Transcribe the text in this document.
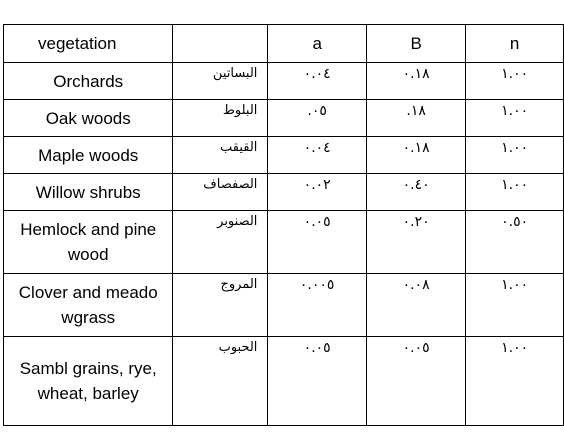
vegetation		a	B	n
Orchards	البساتين	٠.٠٤	٠.١٨	١.٠٠
Oak woods	البلوط	.٠٥	.١٨	١.٠٠
Maple woods	القيقب	٠.٠٤	٠.١٨	١.٠٠
Willow shrubs	الصفصاف	٠.٠٢	٠.٤٠	١.٠٠
Hemlock and pine wood	الصنوبر	٠.٠٥	٠.٢٠	٠.٥٠
Clover and meado wgrass	المروج	٠.٠٠٥	٠.٠٨	١.٠٠
Sambl grains, rye, wheat, barley	الحبوب	٠.٠٥	٠.٠٥	١.٠٠
